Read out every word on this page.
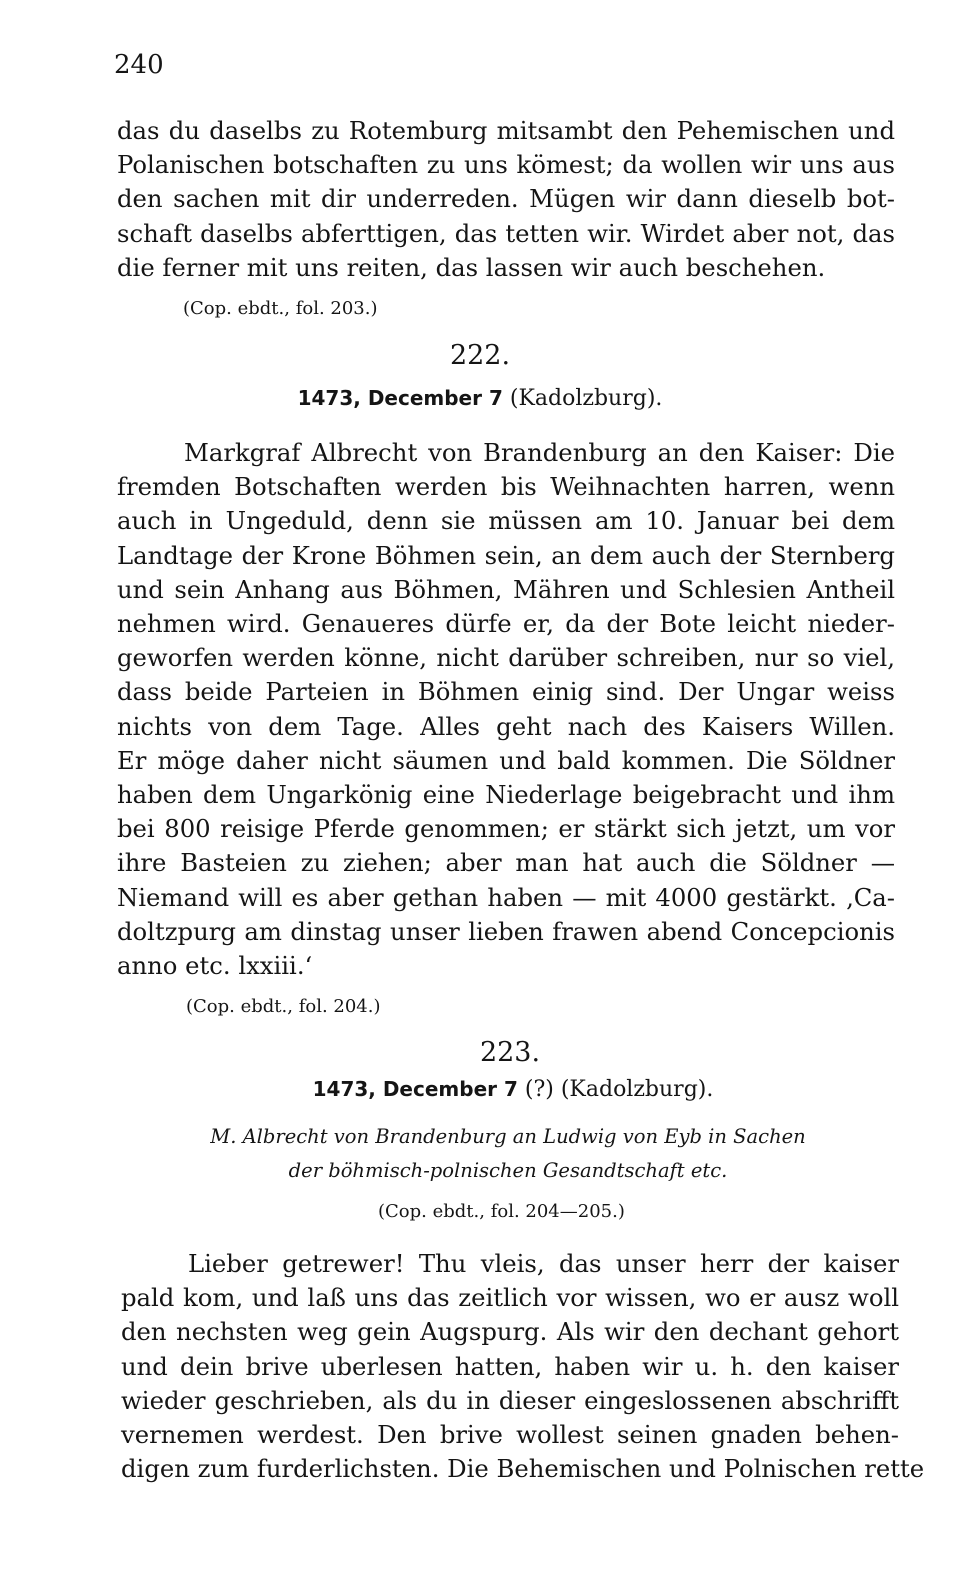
240
das du daselbs zu Rotemburg mitsambt den Pehemischen und
Polanischen botschaften zu uns kömest; da wollen wir uns aus
den sachen mit dir underreden. Mügen wir dann dieselb bot-
schaft daselbs abferttigen, das tetten wir. Wirdet aber not, das
die ferner mit uns reiten, das lassen wir auch beschehen.
(Cop. ebdt., fol. 203.)
222.
1473, December 7 (Kadolzburg).
Markgraf Albrecht von Brandenburg an den Kaiser: Die
fremden Botschaften werden bis Weihnachten harren, wenn
auch in Ungeduld, denn sie müssen am 10. Januar bei dem
Landtage der Krone Böhmen sein, an dem auch der Sternberg
und sein Anhang aus Böhmen, Mähren und Schlesien Antheil
nehmen wird. Genaueres dürfe er, da der Bote leicht nieder-
geworfen werden könne, nicht darüber schreiben, nur so viel,
dass beide Parteien in Böhmen einig sind. Der Ungar weiss
nichts von dem Tage. Alles geht nach des Kaisers Willen.
Er möge daher nicht säumen und bald kommen. Die Söldner
haben dem Ungarkönig eine Niederlage beigebracht und ihm
bei 800 reisige Pferde genommen; er stärkt sich jetzt, um vor
ihre Basteien zu ziehen; aber man hat auch die Söldner —
Niemand will es aber gethan haben — mit 4000 gestärkt. ‚Ca-
doltzpurg am dinstag unser lieben frawen abend Concepcionis
anno etc. lxxiii.‘
(Cop. ebdt., fol. 204.)
223.
1473, December 7 (?) (Kadolzburg).
M. Albrecht von Brandenburg an Ludwig von Eyb in Sachen
der böhmisch-polnischen Gesandtschaft etc.
(Cop. ebdt., fol. 204—205.)
Lieber getrewer! Thu vleis, das unser herr der kaiser
pald kom, und laß uns das zeitlich vor wissen, wo er ausz woll
den nechsten weg gein Augspurg. Als wir den dechant gehort
und dein brive uberlesen hatten, haben wir u. h. den kaiser
wieder geschrieben, als du in dieser eingeslossenen abschrifft
vernemen werdest. Den brive wollest seinen gnaden behen-
digen zum furderlichsten. Die Behemischen und Polnischen rette
